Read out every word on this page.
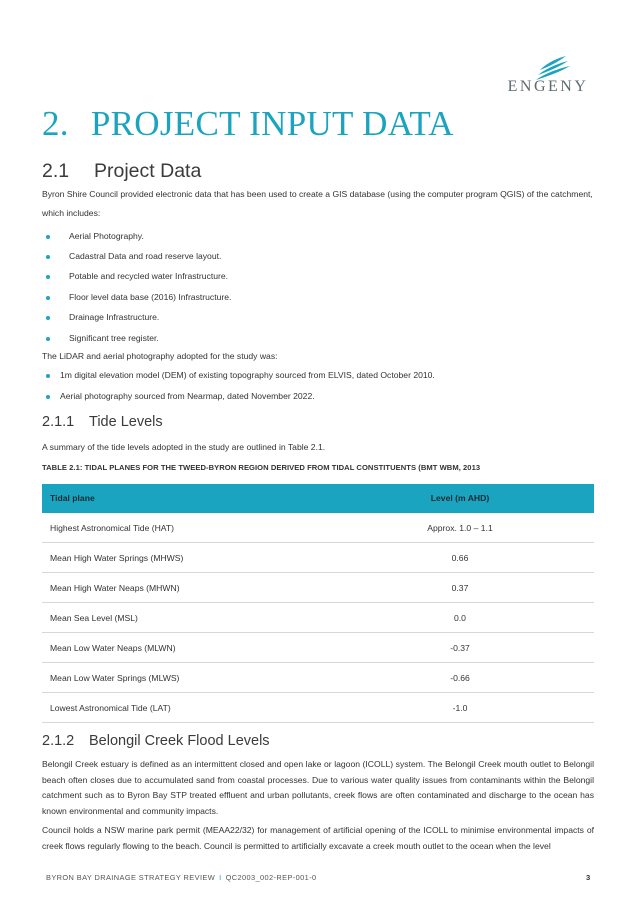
ENGENY
2. PROJECT INPUT DATA
2.1 Project Data
Byron Shire Council provided electronic data that has been used to create a GIS database (using the computer program QGIS) of the catchment, which includes:
Aerial Photography.
Cadastral Data and road reserve layout.
Potable and recycled water Infrastructure.
Floor level data base (2016) Infrastructure.
Drainage Infrastructure.
Significant tree register.
The LiDAR and aerial photography adopted for the study was:
1m digital elevation model (DEM) of existing topography sourced from ELVIS, dated October 2010.
Aerial photography sourced from Nearmap, dated November 2022.
2.1.1 Tide Levels
A summary of the tide levels adopted in the study are outlined in Table 2.1.
TABLE 2.1: TIDAL PLANES FOR THE TWEED-BYRON REGION DERIVED FROM TIDAL CONSTITUENTS (BMT WBM, 2013
Tidal plane	Level (m AHD)
Highest Astronomical Tide (HAT)	Approx. 1.0 – 1.1
Mean High Water Springs (MHWS)	0.66
Mean High Water Neaps (MHWN)	0.37
Mean Sea Level (MSL)	0.0
Mean Low Water Neaps (MLWN)	-0.37
Mean Low Water Springs (MLWS)	-0.66
Lowest Astronomical Tide (LAT)	-1.0
2.1.2 Belongil Creek Flood Levels
Belongil Creek estuary is defined as an intermittent closed and open lake or lagoon (ICOLL) system. The Belongil Creek mouth outlet to Belongil beach often closes due to accumulated sand from coastal processes. Due to various water quality issues from contaminants within the Belongil catchment such as to Byron Bay STP treated effluent and urban pollutants, creek flows are often contaminated and discharge to the ocean has known environmental and community impacts.
Council holds a NSW marine park permit (MEAA22/32) for management of artificial opening of the ICOLL to minimise environmental impacts of creek flows regularly flowing to the beach. Council is permitted to artificially excavate a creek mouth outlet to the ocean when the level
BYRON BAY DRAINAGE STRATEGY REVIEW I QC2003_002-REP-001-0	3
